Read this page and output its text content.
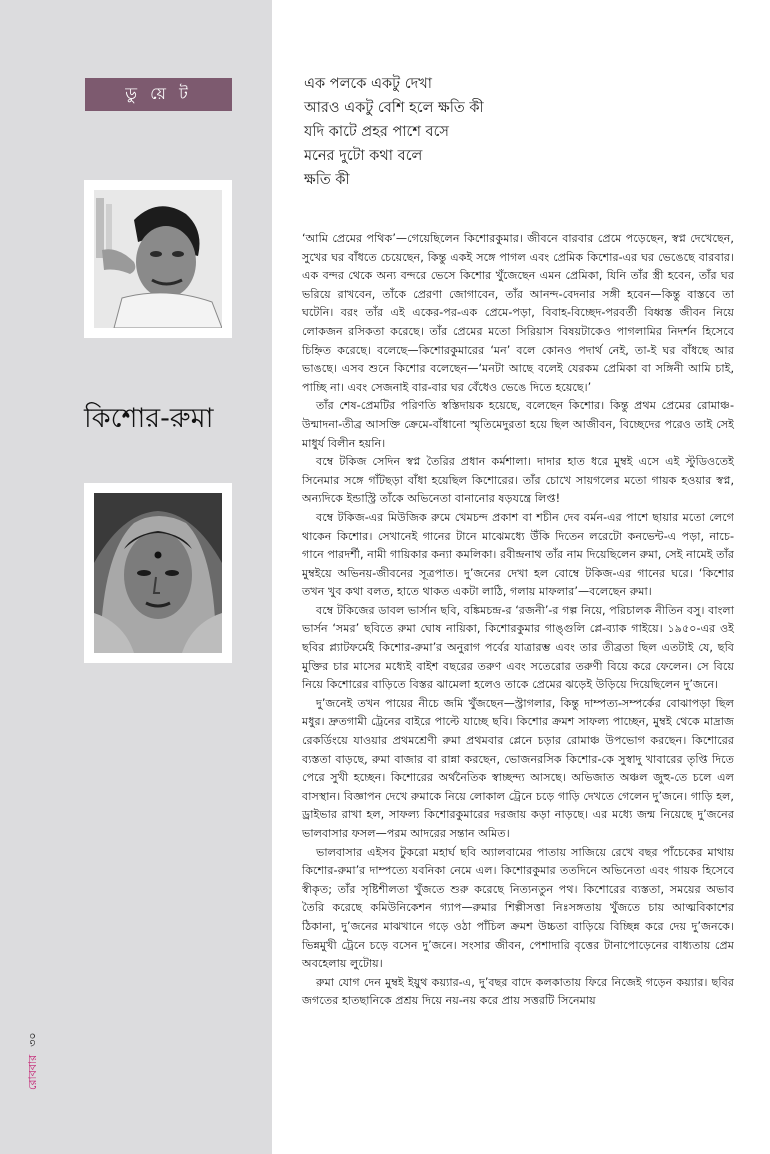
ডু য়ে ট
কিশোর-রুমা
রোববার৩০
এক পলকে একটু দেখা
আরও একটু বেশি হলে ক্ষতি কী
যদি কাটে প্রহর পাশে বসে
মনের দুটো কথা বলে
ক্ষতি কী

‘আমি প্রেমের পথিক’—গেয়েছিলেন কিশোরকুমার। জীবনে বারবার প্রেমে পড়েছেন, স্বপ্ন দেখেছেন, সুখের ঘর বাঁধতে চেয়েছেন, কিন্তু একই সঙ্গে পাগল এবং প্রেমিক কিশোর-এর ঘর ভেঙেছে বারবার। এক বন্দর থেকে অন্য বন্দরে ভেসে কিশোর খুঁজেছেন এমন প্রেমিকা, যিনি তাঁর স্ত্রী হবেন, তাঁর ঘর ভরিয়ে রাখবেন, তাঁকে প্রেরণা জোগাবেন, তাঁর আনন্দ-বেদনার সঙ্গী হবেন—কিন্তু বাস্তবে তা ঘটেনি। বরং তাঁর এই একের-পর-এক প্রেমে-পড়া, বিবাহ-বিচ্ছেদ-পরবর্তী বিধ্বস্ত জীবন নিয়ে লোকজন রসিকতা করেছে। তাঁর প্রেমের মতো সিরিয়াস বিষয়টাকেও পাগলামির নিদর্শন হিসেবে চিহ্নিত করেছে। বলেছে—কিশোরকুমারের ‘মন’ বলে কোনও পদার্থ নেই, তা-ই ঘর বাঁধছে আর ভাঙছে। এসব শুনে কিশোর বলেছেন—‘মনটা আছে বলেই যেরকম প্রেমিকা বা সঙ্গিনী আমি চাই, পাচ্ছি না। এবং সেজনাই বার-বার ঘর বেঁধেও ভেঙে দিতে হয়েছে।’

তাঁর শেষ-প্রেমটির পরিণতি স্বস্তিদায়ক হয়েছে, বলেছেন কিশোর। কিন্তু প্রথম প্রেমের রোমাঞ্চ-উন্মাদনা-তীব্র আসক্তি ক্রেমে-বাঁধানো স্মৃতিমেদুরতা হয়ে ছিল আজীবন, বিচ্ছেদের পরেও তাই সেই মাধুর্য বিলীন হয়নি।

বম্বে টকিজ সেদিন স্বপ্ন তৈরির প্রধান কর্মশালা। দাদার হাত ধরে মুম্বই এসে এই স্টুডিওতেই সিনেমার সঙ্গে গাঁটছড়া বাঁধা হয়েছিল কিশোরের। তাঁর চোখে সায়গলের মতো গায়ক হওয়ার স্বপ্ন, অন্যদিকে ইন্ডাস্ট্রি তাঁকে অভিনেতা বানানোর ষড়যন্ত্রে লিপ্ত!

বম্বে টকিজ-এর মিউজিক রুমে খেমচন্দ প্রকাশ বা শচীন দেব বর্মন-এর পাশে ছায়ার মতো লেগে থাকেন কিশোর। সেখানেই গানের টানে মাঝেমধ্যে উঁকি দিতেন লরেটো কনভেন্ট-এ পড়া, নাচে-গানে পারদর্শী, নামী গায়িকার কন্যা কমলিকা। রবীন্দ্রনাথ তাঁর নাম দিয়েছিলেন রুমা, সেই নামেই তাঁর মুম্বইয়ে অভিনয়-জীবনের সূত্রপাত। দু’জনের দেখা হল বোম্বে টকিজ-এর গানের ঘরে। ‘কিশোর তখন খুব কথা বলত, হাতে থাকত একটা লাঠি, গলায় মাফলার’—বলেছেন রুমা।

বম্বে টকিজের ডাবল ভার্সান ছবি, বঙ্কিমচন্দ্র-র ‘রজনী’-র গল্প নিয়ে, পরিচালক নীতিন বসু। বাংলা ভার্সন ‘সমর’ ছবিতে রুমা ঘোষ নায়িকা, কিশোরকুমার গাঙ্গুলি প্লে-ব্যাক গাইয়ে। ১৯৫০-এর ওই ছবির প্ল্যাটফর্মেই কিশোর-রুমা’র অনুরাগ পর্বের যাত্রারম্ভ এবং তার তীব্রতা ছিল এতটাই যে, ছবি মুক্তির চার মাসের মধ্যেই বাইশ বছরের তরুণ এবং সতেরোর তরুণী বিয়ে করে ফেলেন। সে বিয়ে নিয়ে কিশোরের বাড়িতে বিস্তর ঝামেলা হলেও তাকে প্রেমের ঝড়েই উড়িয়ে দিয়েছিলেন দু’জনে।

দু’জনেই তখন পায়ের নীচে জমি খুঁজছেন—স্ট্রাগলার, কিন্তু দাম্পত্য-সম্পর্কের বোঝাপড়া ছিল মধুর। দ্রুতগামী ট্রেনের বাইরে পাল্টে যাচ্ছে ছবি। কিশোর ক্রমশ সাফল্য পাচ্ছেন, মুম্বই থেকে মাদ্রাজ রেকর্ডিংয়ে যাওয়ার প্রথমশ্রেণী রুমা প্রথমবার প্লেনে চড়ার রোমাঞ্চ উপভোগ করছেন। কিশোরের ব্যস্ততা বাড়ছে, রুমা বাজার বা রান্না করছেন, ভোজনরসিক কিশোর-কে সুস্বাদু খাবারের তৃপ্তি দিতে পেরে সুখী হচ্ছেন। কিশোরের অর্থনৈতিক স্বাচ্ছন্দ্য আসছে। অভিজাত অঞ্চল জুহু-তে চলে এল বাসস্থান। বিজ্ঞাপন দেখে রুমাকে নিয়ে লোকাল ট্রেনে চড়ে গাড়ি দেখতে গেলেন দু’জনে। গাড়ি হল, ড্রাইভার রাখা হল, সাফল্য কিশোরকুমারের দরজায় কড়া নাড়ছে। এর মধ্যে জন্ম নিয়েছে দু’জনের ভালবাসার ফসল—পরম আদরের সন্তান অমিত।

ভালবাসার এইসব টুকরো মহার্ঘ ছবি অ্যালবামের পাতায় সাজিয়ে রেখে বছর পাঁচেকের মাথায় কিশোর-রুমা’র দাম্পত্যে যবনিকা নেমে এল। কিশোরকুমার ততদিনে অভিনেতা এবং গায়ক হিসেবে স্বীকৃত; তাঁর সৃষ্টিশীলতা খুঁজতে শুরু করেছে নিত্যনতুন পথ। কিশোরের ব্যস্ততা, সময়ের অভাব তৈরি করেছে কমিউনিকেশন গ্যাপ—রুমার শিল্পীসত্তা নিঃসঙ্গতায় খুঁজতে চায় আত্মবিকাশের ঠিকানা, দু’জনের মাঝখানে গড়ে ওঠা পাঁচিল ক্রমশ উচ্চতা বাড়িয়ে বিচ্ছিন্ন করে দেয় দু’জনকে। ভিন্নমুখী ট্রেনে চড়ে বসেন দু’জনে। সংসার জীবন, পেশাদারি বৃত্তের টানাপোড়েনের বাধ্যতায় প্রেম অবহেলায় লুটোয়।

রুমা যোগ দেন মুম্বই ইয়ুথ কয়্যার-এ, দু’বছর বাদে কলকাতায় ফিরে নিজেই গড়েন কয়্যার। ছবির জগতের হাতছানিকে প্রশ্রয় দিয়ে নয়-নয় করে প্রায় সত্তরটি সিনেমায়
